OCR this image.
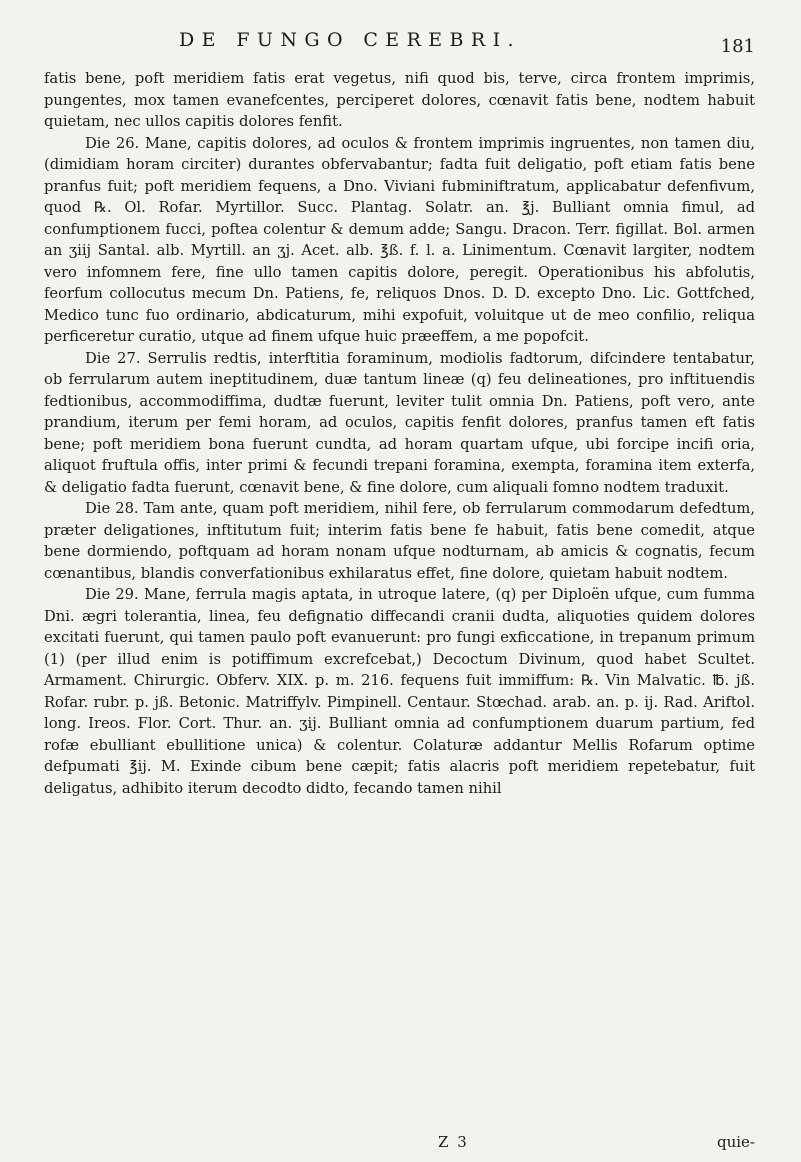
DE FUNGO CEREBRI.	181

fatis bene, poft meridiem fatis erat vegetus, nifi quod bis, terve, circa frontem imprimis, pungentes, mox tamen evanefcentes, perciperet dolores, cœnavit fatis bene, nodtem habuit quietam, nec ullos capitis dolores fenfit.

Die 26. Mane, capitis dolores, ad oculos & frontem imprimis ingruentes, non tamen diu, (dimidiam horam circiter) durantes obfervabantur; fadta fuit deligatio, poft etiam fatis bene pranfus fuit; poft meridiem fequens, a Dno. Viviani fubminiftratum, applicabatur defenfivum, quod ℞. Ol. Rofar. Myrtillor. Succ. Plantag. Solatr. an. ℥j. Bulliant omnia fimul, ad confumptionem fucci, poftea colentur & demum adde; Sangu. Dracon. Terr. figillat. Bol. armen an ʒiij Santal. alb. Myrtill. an ʒj. Acet. alb. ℥ß. f. l. a. Linimentum. Cœnavit largiter, nodtem vero infomnem fere, fine ullo tamen capitis dolore, peregit. Operationibus his abfolutis, feorfum collocutus mecum Dn. Patiens, fe, reliquos Dnos. D. D. excepto Dno. Lic. Gottfched, Medico tunc fuo ordinario, abdicaturum, mihi expofuit, voluitque ut de meo confilio, reliqua perficeretur curatio, utque ad finem ufque huic præeffem, a me popofcit.

Die 27. Serrulis redtis, interftitia foraminum, modiolis fadtorum, difcindere tentabatur, ob ferrularum autem ineptitudinem, duæ tantum lineæ (q) feu delineationes, pro inftituendis fedtionibus, accommodiffima, dudtæ fuerunt, leviter tulit omnia Dn. Patiens, poft vero, ante prandium, iterum per femi horam, ad oculos, capitis fenfit dolores, pranfus tamen eft fatis bene; poft meridiem bona fuerunt cundta, ad horam quartam ufque, ubi forcipe incifi oria, aliquot fruftula offis, inter primi & fecundi trepani foramina, exempta, foramina item exterfa, & deligatio fadta fuerunt, cœnavit bene, & fine dolore, cum aliquali fomno nodtem traduxit.

Die 28. Tam ante, quam poft meridiem, nihil fere, ob ferrularum commodarum defedtum, præter deligationes, inftitutum fuit; interim fatis bene fe habuit, fatis bene comedit, atque bene dormiendo, poftquam ad horam nonam ufque nodturnam, ab amicis & cognatis, fecum cœnantibus, blandis converfationibus exhilaratus effet, fine dolore, quietam habuit nodtem.

Die 29. Mane, ferrula magis aptata, in utroque latere, (q) per Diploën ufque, cum fumma Dni. ægri tolerantia, linea, feu defignatio diffecandi cranii dudta, aliquoties quidem dolores excitati fuerunt, qui tamen paulo poft evanuerunt: pro fungi exficcatione, in trepanum primum (1) (per illud enim is potiffimum excrefcebat,) Decoctum Divinum, quod habet Scultet. Armament. Chirurgic. Obferv. XIX. p. m. 216. fequens fuit immiffum: ℞. Vin Malvatic. ℔. jß. Rofar. rubr. p. jß. Betonic. Matriffylv. Pimpinell. Centaur. Stœchad. arab. an. p. ij. Rad. Ariftol. long. Ireos. Flor. Cort. Thur. an. ʒij. Bulliant omnia ad confumptionem duarum partium, fed rofæ ebulliant ebullitione unica) & colentur. Colaturæ addantur Mellis Rofarum optime defpumati ℥ij. M. Exinde cibum bene cæpit; fatis alacris poft meridiem repetebatur, fuit deligatus, adhibito iterum decodto didto, fecando tamen nihil

Z 3	quie-
